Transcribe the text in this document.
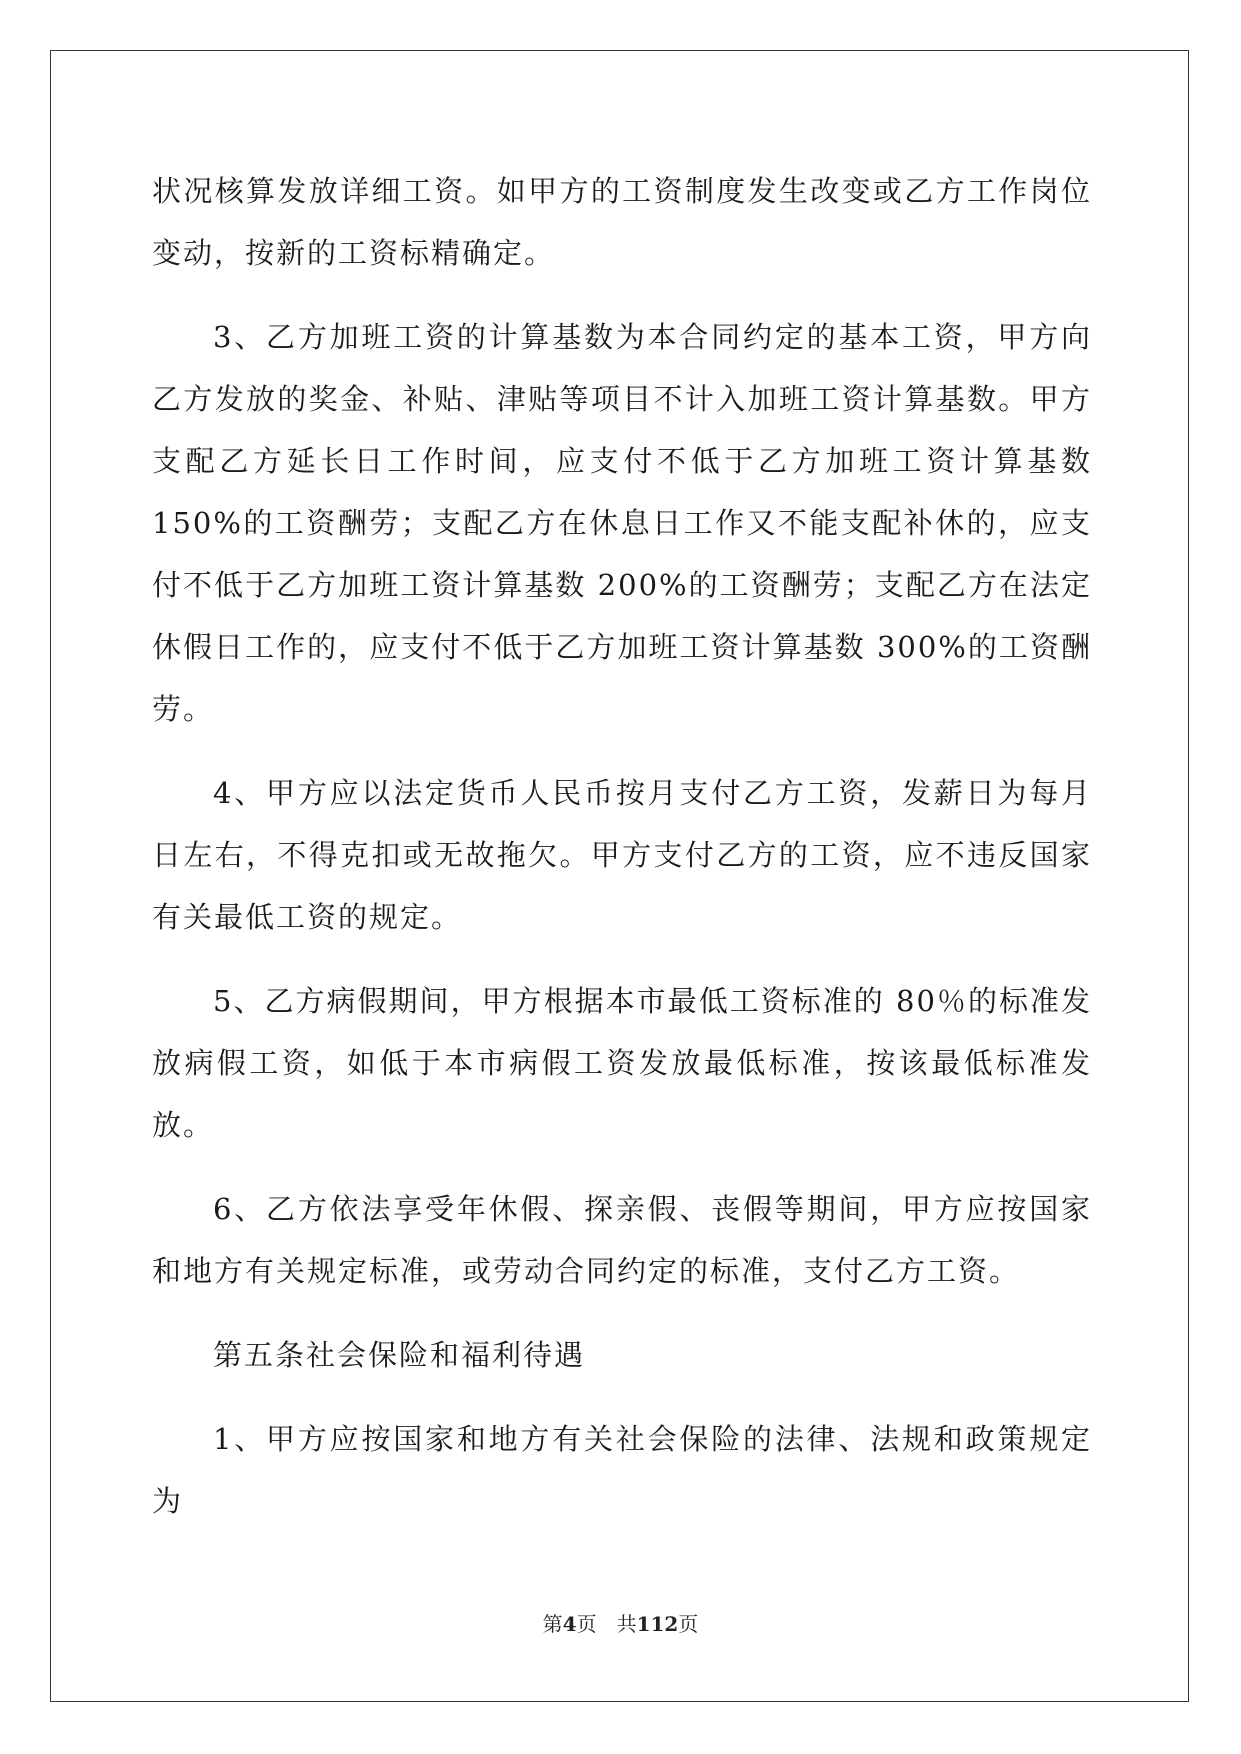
状况核算发放详细工资。如甲方的工资制度发生改变或乙方工作岗位变动，按新的工资标精确定。

3、乙方加班工资的计算基数为本合同约定的基本工资，甲方向乙方发放的奖金、补贴、津贴等项目不计入加班工资计算基数。甲方支配乙方延长日工作时间，应支付不低于乙方加班工资计算基数 150%的工资酬劳；支配乙方在休息日工作又不能支配补休的，应支付不低于乙方加班工资计算基数 200%的工资酬劳；支配乙方在法定休假日工作的，应支付不低于乙方加班工资计算基数 300%的工资酬劳。

4、甲方应以法定货币人民币按月支付乙方工资，发薪日为每月日左右，不得克扣或无故拖欠。甲方支付乙方的工资，应不违反国家有关最低工资的规定。

5、乙方病假期间，甲方根据本市最低工资标准的 80％的标准发放病假工资，如低于本市病假工资发放最低标准，按该最低标准发放。

6、乙方依法享受年休假、探亲假、丧假等期间，甲方应按国家和地方有关规定标准，或劳动合同约定的标准，支付乙方工资。

第五条社会保险和福利待遇

1、甲方应按国家和地方有关社会保险的法律、法规和政策规定为

第4页　共112页
